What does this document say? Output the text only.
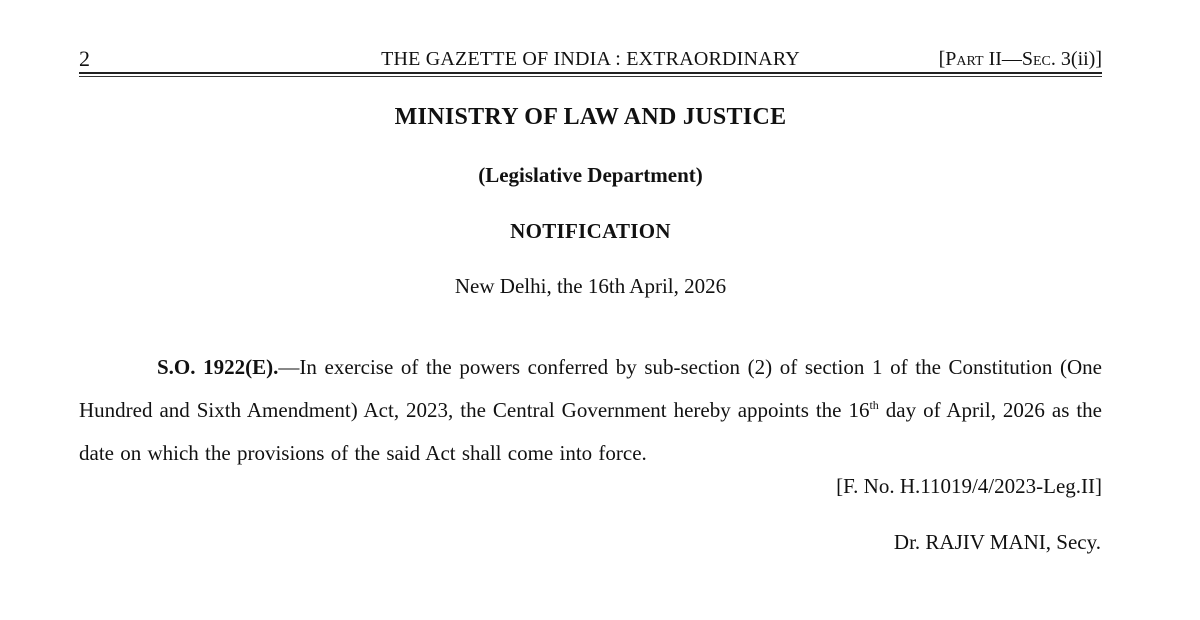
2	THE GAZETTE OF INDIA : EXTRAORDINARY	[Part II—Sec. 3(ii)]
MINISTRY OF LAW AND JUSTICE
(Legislative Department)
NOTIFICATION
New Delhi, the 16th April, 2026

S.O. 1922(E).—In exercise of the powers conferred by sub-section (2) of section 1 of the Constitution (One Hundred and Sixth Amendment) Act, 2023, the Central Government hereby appoints the 16th day of April, 2026 as the date on which the provisions of the said Act shall come into force.

[F. No. H.11019/4/2023-Leg.II]
Dr. RAJIV MANI, Secy.
